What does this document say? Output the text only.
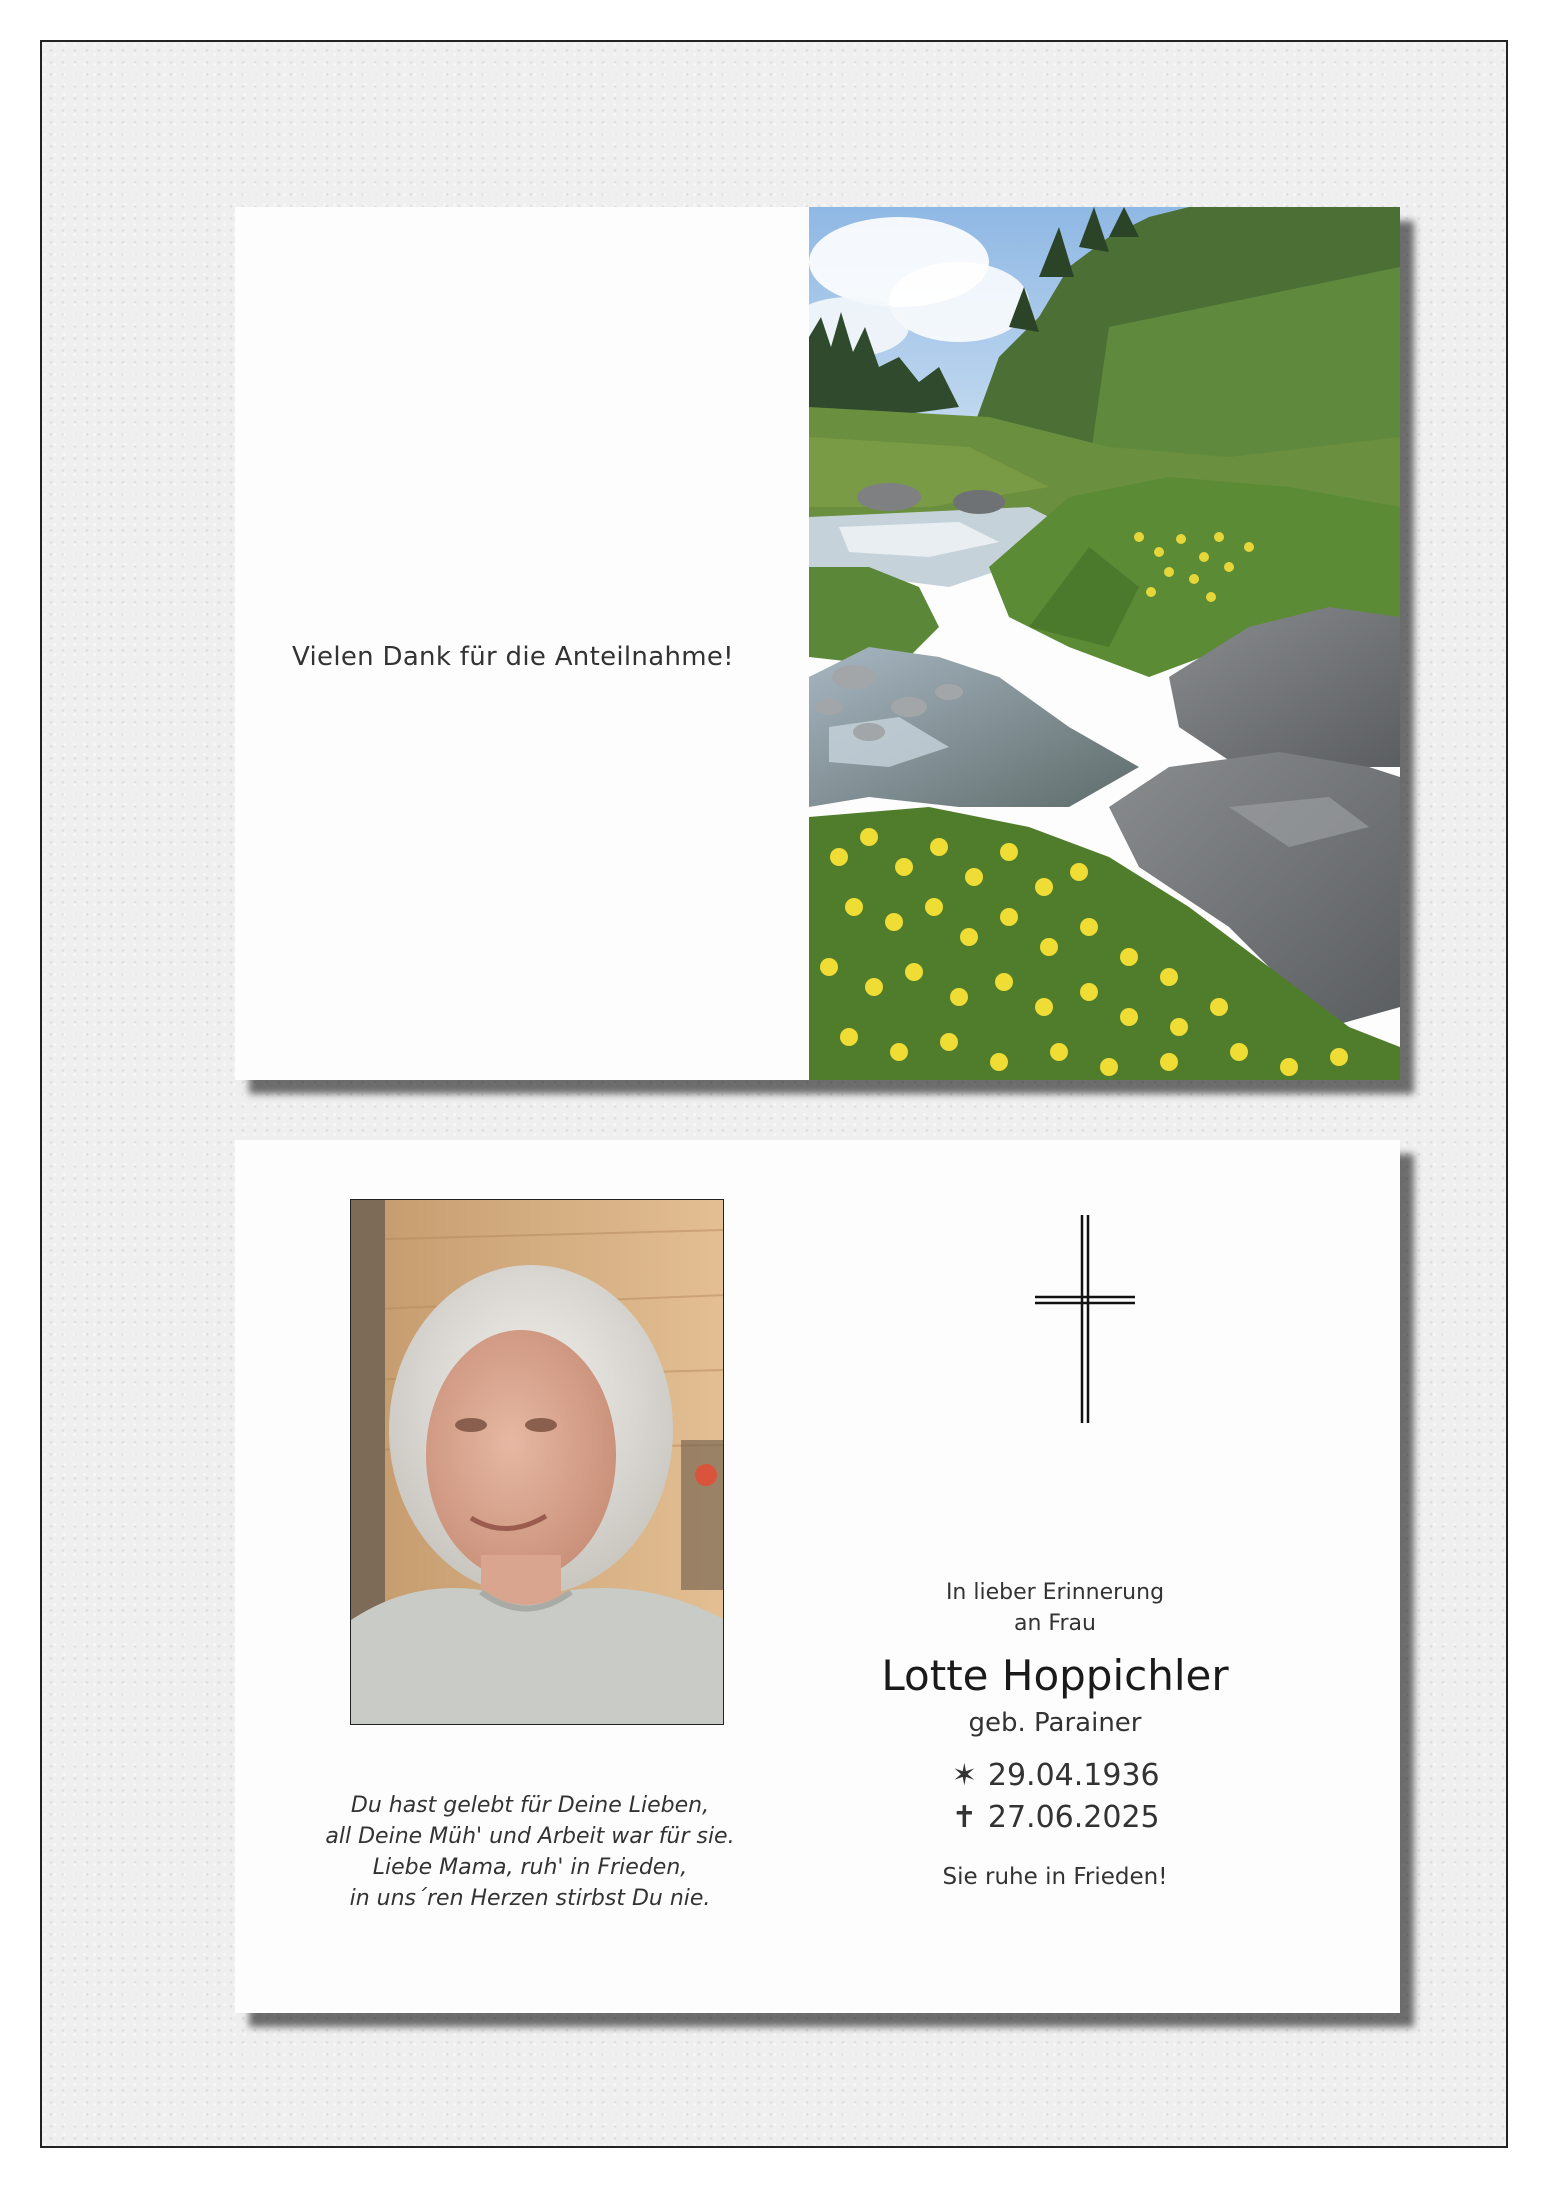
Vielen Dank für die Anteilnahme!
Du hast gelebt für Deine Lieben,
all Deine Müh' und Arbeit war für sie.
Liebe Mama, ruh' in Frieden,
in uns´ren Herzen stirbst Du nie.
In lieber Erinnerung
an Frau
Lotte Hoppichler
geb. Parainer
✶ 29.04.1936
✝ 27.06.2025
Sie ruhe in Frieden!
